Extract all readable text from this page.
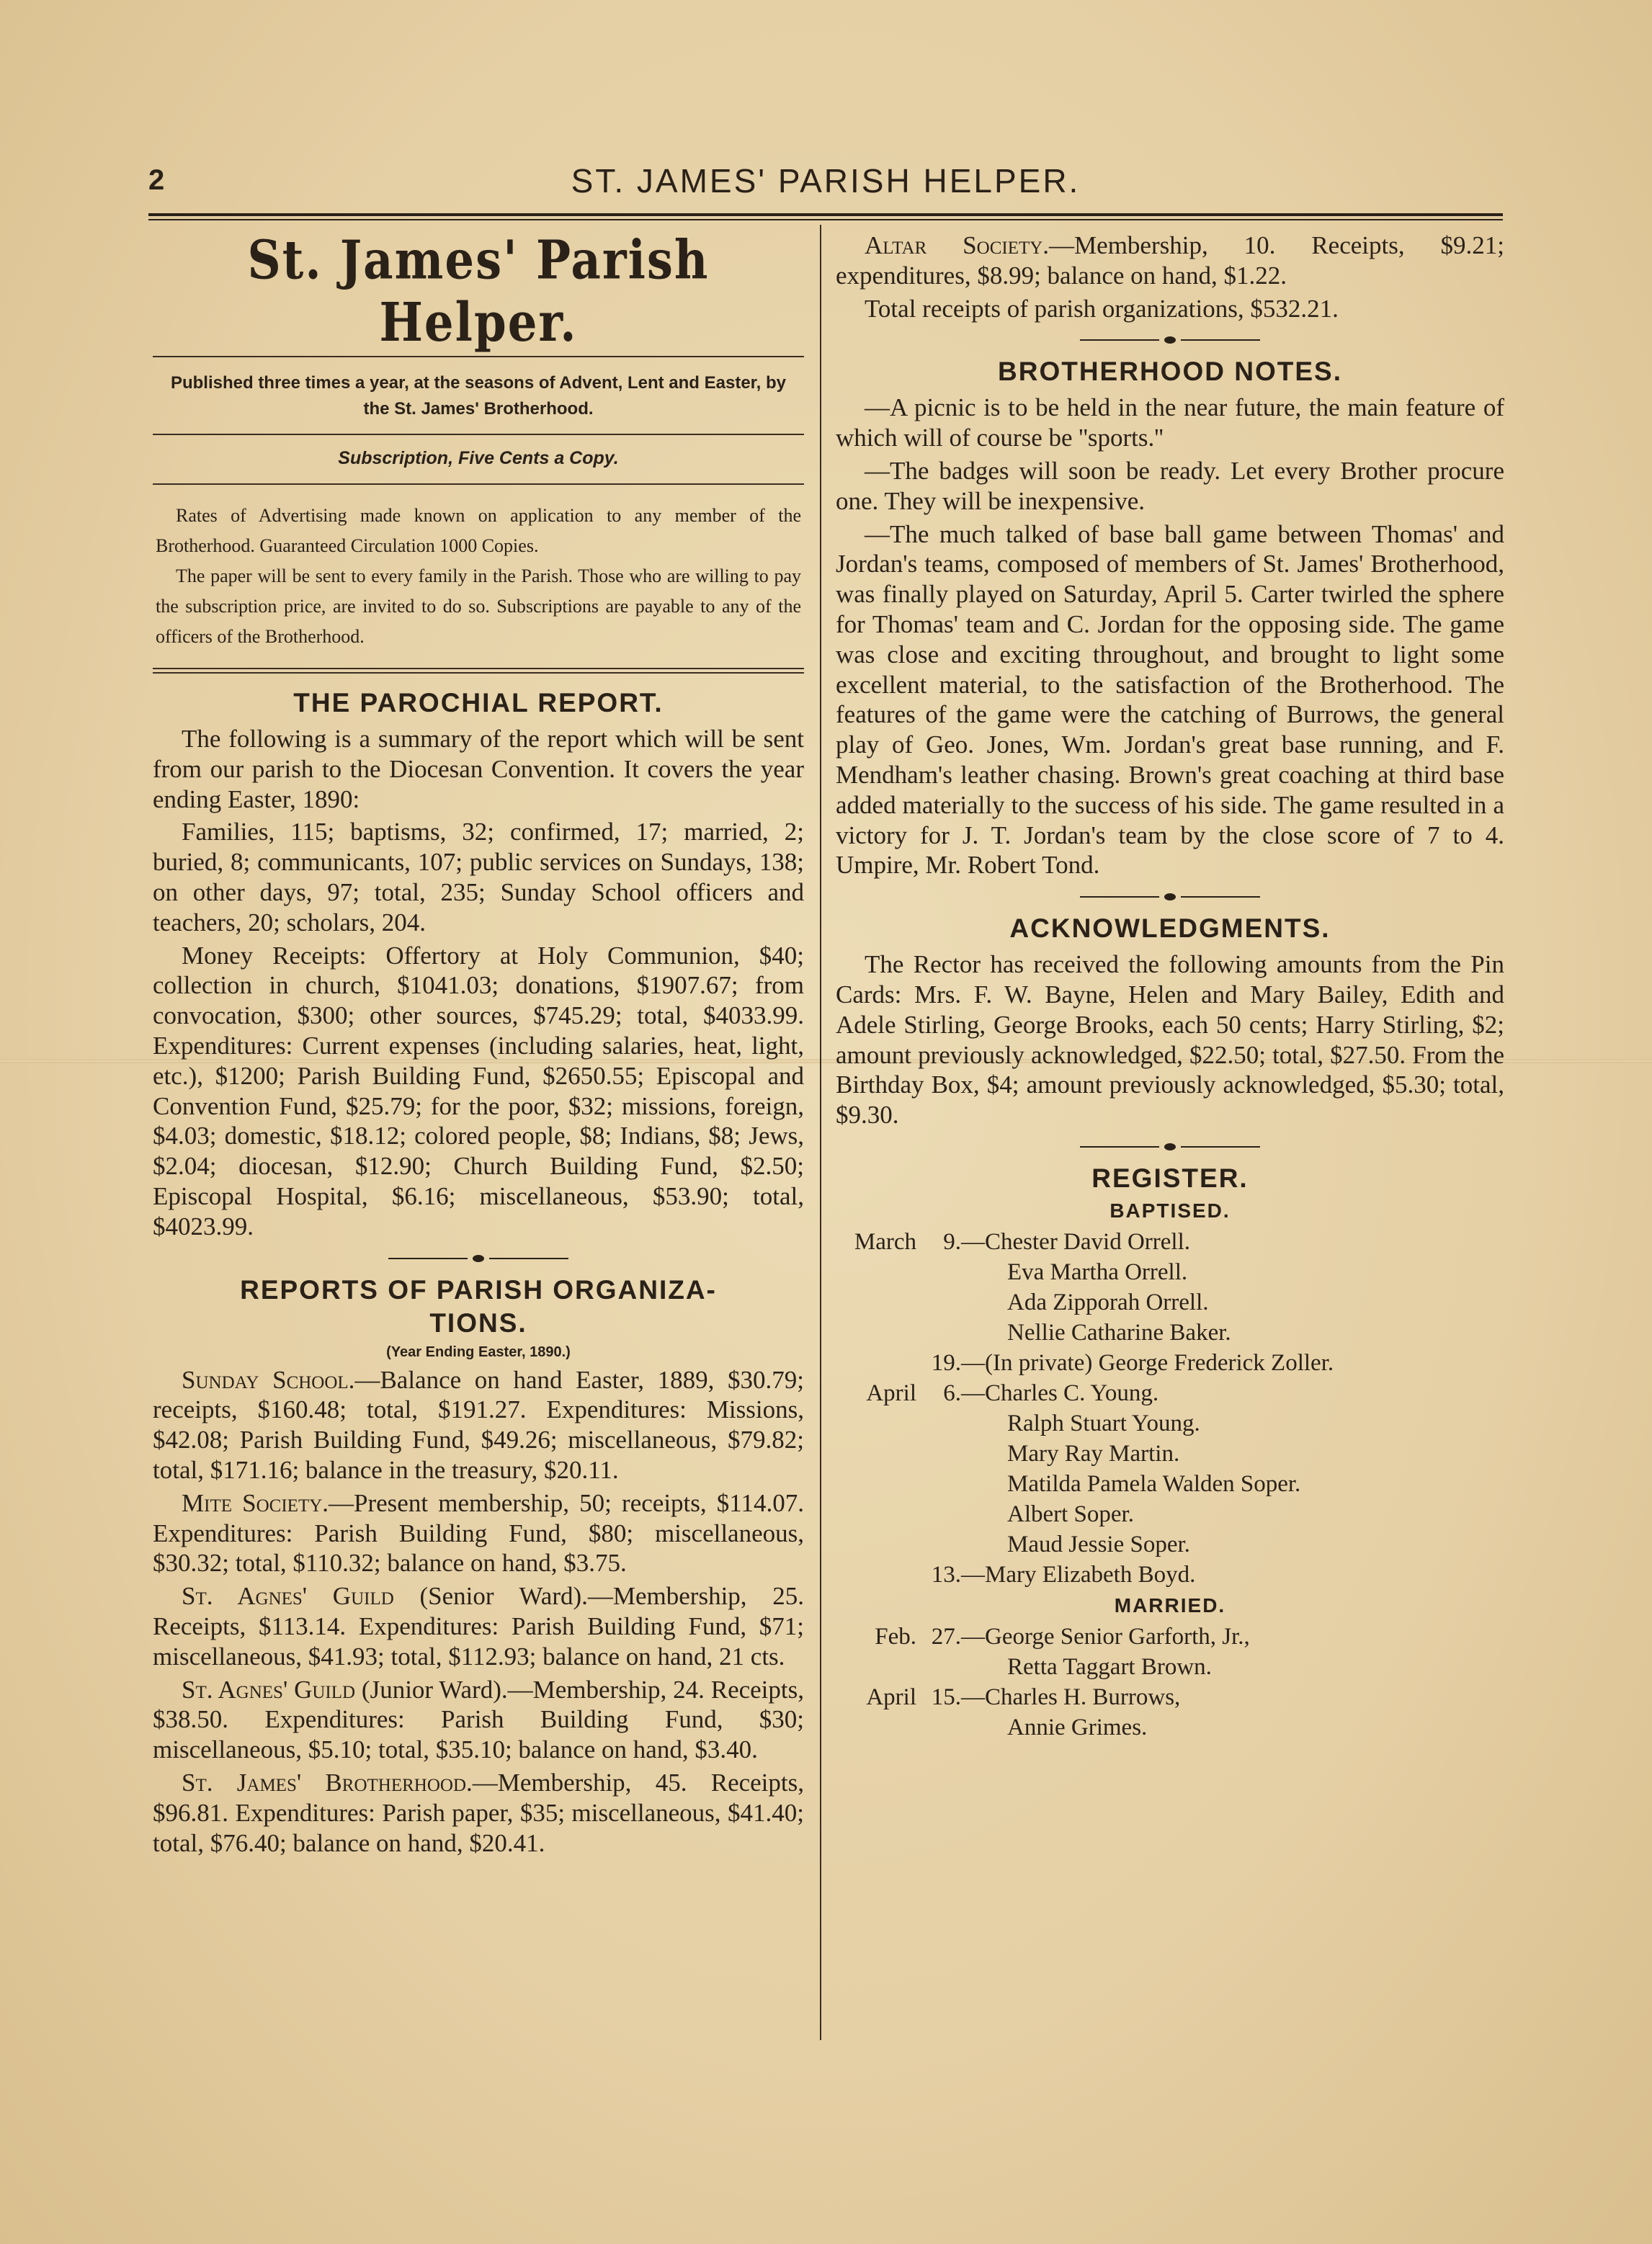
2	ST. JAMES' PARISH HELPER.
St. James' Parish Helper.
Published three times a year, at the seasons of Advent, Lent and Easter, by the St. James' Brotherhood.
Subscription, Five Cents a Copy.

Rates of Advertising made known on application to any member of the Brotherhood. Guaranteed Circulation 1000 Copies.

The paper will be sent to every family in the Parish. Those who are willing to pay the subscription price, are invited to do so. Subscriptions are payable to any of the officers of the Brotherhood.

THE PAROCHIAL REPORT.

The following is a summary of the report which will be sent from our parish to the Diocesan Convention. It covers the year ending Easter, 1890:

Families, 115; baptisms, 32; confirmed, 17; married, 2; buried, 8; communicants, 107; public services on Sundays, 138; on other days, 97; total, 235; Sunday School officers and teachers, 20; scholars, 204.

Money Receipts: Offertory at Holy Communion, $40; collection in church, $1041.03; donations, $1907.67; from convocation, $300; other sources, $745.29; total, $4033.99. Expenditures: Current expenses (including salaries, heat, light, etc.), $1200; Parish Building Fund, $2650.55; Episcopal and Convention Fund, $25.79; for the poor, $32; missions, foreign, $4.03; domestic, $18.12; colored people, $8; Indians, $8; Jews, $2.04; diocesan, $12.90; Church Building Fund, $2.50; Episcopal Hospital, $6.16; miscellaneous, $53.90; total, $4023.99.

REPORTS OF PARISH ORGANIZA-
TIONS.
(Year Ending Easter, 1890.)

Sunday School.—Balance on hand Easter, 1889, $30.79; receipts, $160.48; total, $191.27. Expenditures: Missions, $42.08; Parish Building Fund, $49.26; miscellaneous, $79.82; total, $171.16; balance in the treasury, $20.11.

Mite Society.—Present membership, 50; receipts, $114.07. Expenditures: Parish Building Fund, $80; miscellaneous, $30.32; total, $110.32; balance on hand, $3.75.

St. Agnes' Guild (Senior Ward).—Membership, 25. Receipts, $113.14. Expenditures: Parish Building Fund, $71; miscellaneous, $41.93; total, $112.93; balance on hand, 21 cts.

St. Agnes' Guild (Junior Ward).—Membership, 24. Receipts, $38.50. Expenditures: Parish Building Fund, $30; miscellaneous, $5.10; total, $35.10; balance on hand, $3.40.

St. James' Brotherhood.—Membership, 45. Receipts, $96.81. Expenditures: Parish paper, $35; miscellaneous, $41.40; total, $76.40; balance on hand, $20.41.

Altar Society.—Membership, 10. Receipts, $9.21; expenditures, $8.99; balance on hand, $1.22.

Total receipts of parish organizations, $532.21.

BROTHERHOOD NOTES.

—A picnic is to be held in the near future, the main feature of which will of course be ''sports.''

—The badges will soon be ready. Let every Brother procure one. They will be inexpensive.

—The much talked of base ball game between Thomas' and Jordan's teams, composed of members of St. James' Brotherhood, was finally played on Saturday, April 5. Carter twirled the sphere for Thomas' team and C. Jordan for the opposing side. The game was close and exciting throughout, and brought to light some excellent material, to the satisfaction of the Brotherhood. The features of the game were the catching of Burrows, the general play of Geo. Jones, Wm. Jordan's great base running, and F. Mendham's leather chasing. Brown's great coaching at third base added materially to the success of his side. The game resulted in a victory for J. T. Jordan's team by the close score of 7 to 4. Umpire, Mr. Robert Tond.

ACKNOWLEDGMENTS.

The Rector has received the following amounts from the Pin Cards: Mrs. F. W. Bayne, Helen and Mary Bailey, Edith and Adele Stirling, George Brooks, each 50 cents; Harry Stirling, $2; amount previously acknowledged, $22.50; total, $27.50. From the Birthday Box, $4; amount previously acknowledged, $5.30; total, $9.30.

REGISTER.
BAPTISED.
March	9. —Chester David Orrell.
Eva Martha Orrell.
Ada Zipporah Orrell.
Nellie Catharine Baker.
19. —(In private) George Frederick Zoller.
April	6. —Charles C. Young.
Ralph Stuart Young.
Mary Ray Martin.
Matilda Pamela Walden Soper.
Albert Soper.
Maud Jessie Soper.
13. —Mary Elizabeth Boyd.
MARRIED.
Feb. 27. —George Senior Garforth, Jr.,
Retta Taggart Brown.
April 15. —Charles H. Burrows,
Annie Grimes.
